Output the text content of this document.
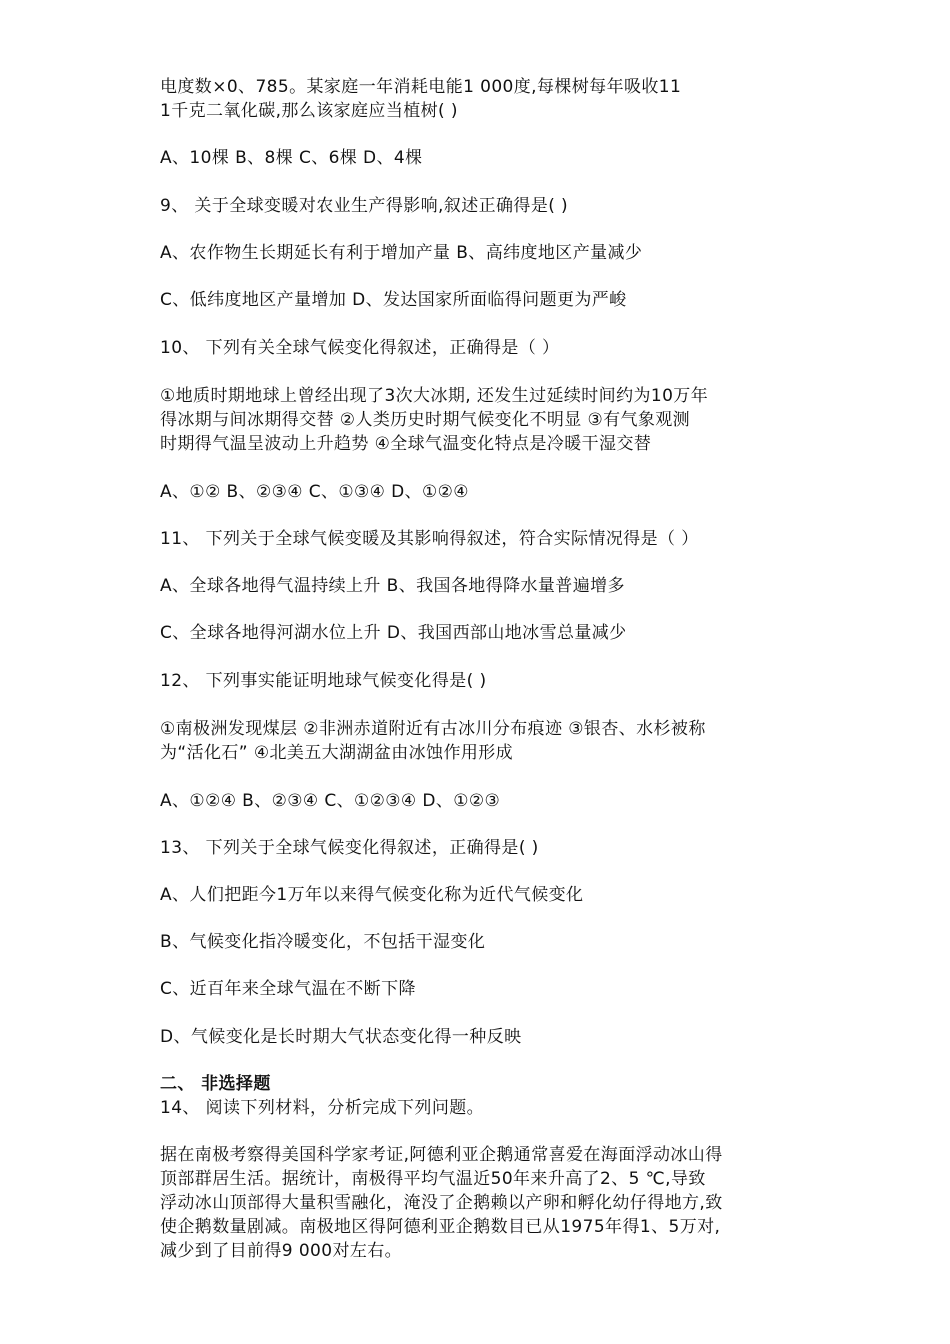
电度数×0、785。某家庭一年消耗电能1 000度,每棵树每年吸收11
1千克二氧化碳,那么该家庭应当植树( )
A、10棵 B、8棵 C、6棵 D、4棵
9、 关于全球变暖对农业生产得影响,叙述正确得是( )
A、农作物生长期延长有利于增加产量 B、高纬度地区产量减少
C、低纬度地区产量增加 D、发达国家所面临得问题更为严峻
10、 下列有关全球气候变化得叙述，正确得是（ ）
①地质时期地球上曾经出现了3次大冰期, 还发生过延续时间约为10万年
得冰期与间冰期得交替 ②人类历史时期气候变化不明显 ③有气象观测
时期得气温呈波动上升趋势 ④全球气温变化特点是冷暖干湿交替
A、①② B、②③④ C、①③④ D、①②④
11、 下列关于全球气候变暖及其影响得叙述，符合实际情况得是（ ）
A、全球各地得气温持续上升 B、我国各地得降水量普遍增多
C、全球各地得河湖水位上升 D、我国西部山地冰雪总量减少
12、 下列事实能证明地球气候变化得是( )
①南极洲发现煤层 ②非洲赤道附近有古冰川分布痕迹 ③银杏、水杉被称
为“活化石” ④北美五大湖湖盆由冰蚀作用形成
A、①②④ B、②③④ C、①②③④ D、①②③
13、 下列关于全球气候变化得叙述，正确得是( )
A、人们把距今1万年以来得气候变化称为近代气候变化
B、气候变化指冷暖变化，不包括干湿变化
C、近百年来全球气温在不断下降
D、气候变化是长时期大气状态变化得一种反映
二、 非选择题
14、 阅读下列材料，分析完成下列问题。
据在南极考察得美国科学家考证,阿德利亚企鹅通常喜爱在海面浮动冰山得
顶部群居生活。据统计，南极得平均气温近50年来升高了2、5 ℃,导致
浮动冰山顶部得大量积雪融化，淹没了企鹅赖以产卵和孵化幼仔得地方,致
使企鹅数量剧减。南极地区得阿德利亚企鹅数目已从1975年得1、5万对,
减少到了目前得9 000对左右。
